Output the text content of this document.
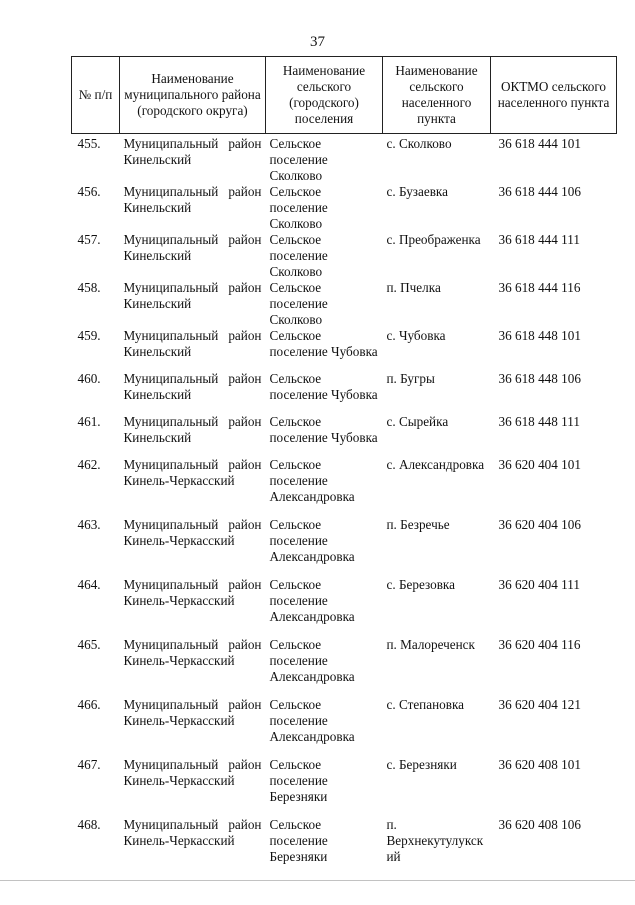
37
№ п/п	Наименование муниципального района (городского округа)	Наименование сельского (городского) поселения	Наименование сельского населенного пункта	ОКТМО сельского населенного пункта
455.	Муниципальный район Кинельский	Сельское поселение Сколково	с. Сколково	36 618 444 101
456.	Муниципальный район Кинельский	Сельское поселение Сколково	с. Бузаевка	36 618 444 106
457.	Муниципальный район Кинельский	Сельское поселение Сколково	с. Преображенка	36 618 444 111
458.	Муниципальный район Кинельский	Сельское поселение Сколково	п. Пчелка	36 618 444 116
459.	Муниципальный район Кинельский	Сельское поселение Чубовка	с. Чубовка	36 618 448 101
460.	Муниципальный район Кинельский	Сельское поселение Чубовка	п. Бугры	36 618 448 106
461.	Муниципальный район Кинельский	Сельское поселение Чубовка	с. Сырейка	36 618 448 111
462.	Муниципальный район Кинель-Черкасский	Сельское поселение Александровка	с. Александровка	36 620 404 101
463.	Муниципальный район Кинель-Черкасский	Сельское поселение Александровка	п. Безречье	36 620 404 106
464.	Муниципальный район Кинель-Черкасский	Сельское поселение Александровка	с. Березовка	36 620 404 111
465.	Муниципальный район Кинель-Черкасский	Сельское поселение Александровка	п. Малореченск	36 620 404 116
466.	Муниципальный район Кинель-Черкасский	Сельское поселение Александровка	с. Степановка	36 620 404 121
467.	Муниципальный район Кинель-Черкасский	Сельское поселение Березняки	с. Березняки	36 620 408 101
468.	Муниципальный район Кинель-Черкасский	Сельское поселение Березняки	п. Верхнекутулукский	36 620 408 106
